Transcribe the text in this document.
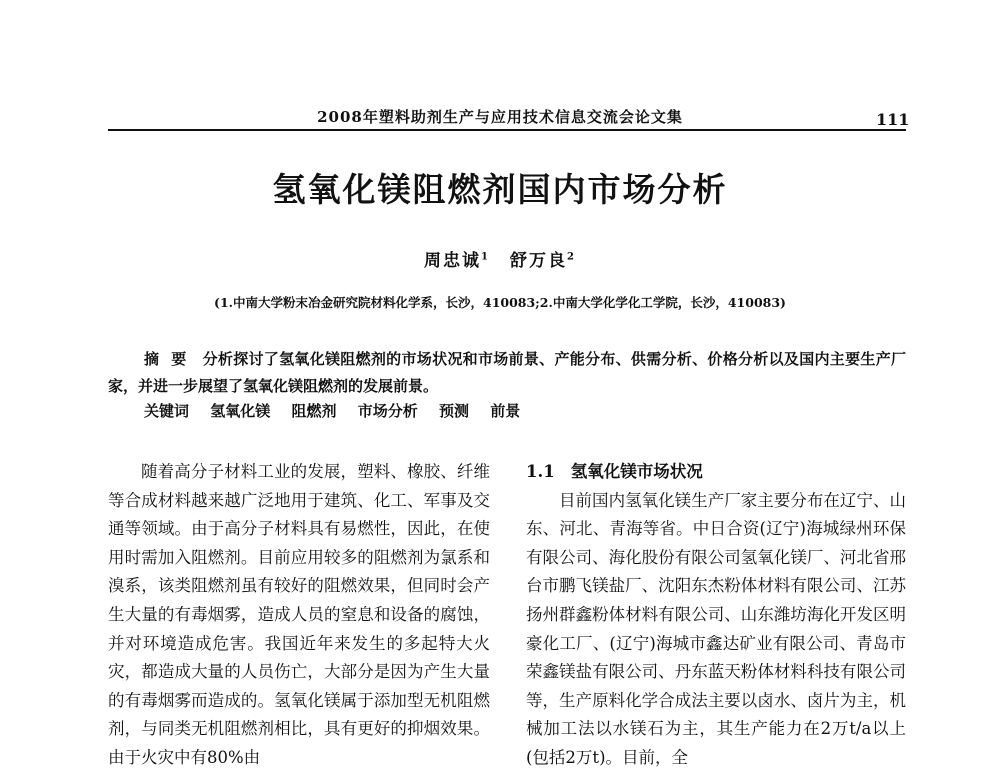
2008年塑料助剂生产与应用技术信息交流会论文集	111
氢氧化镁阻燃剂国内市场分析
周忠诚$^1$ 舒万良$^2$
(1.中南大学粉末冶金研究院材料化学系，长沙，410083;2.中南大学化学化工学院，长沙，410083)
摘要 分析探讨了氢氧化镁阻燃剂的市场状况和市场前景、产能分布、供需分析、价格分析以及国内主要生产厂家，并进一步展望了氢氧化镁阻燃剂的发展前景。
关键词 氢氧化镁 阻燃剂 市场分析 预测 前景

随着高分子材料工业的发展，塑料、橡胶、纤维等合成材料越来越广泛地用于建筑、化工、军事及交通等领域。由于高分子材料具有易燃性，因此，在使用时需加入阻燃剂。目前应用较多的阻燃剂为氯系和溴系，该类阻燃剂虽有较好的阻燃效果，但同时会产生大量的有毒烟雾，造成人员的窒息和设备的腐蚀，并对环境造成危害。我国近年来发生的多起特大火灾，都造成大量的人员伤亡，大部分是因为产生大量的有毒烟雾而造成的。氢氧化镁属于添加型无机阻燃剂，与同类无机阻燃剂相比，具有更好的抑烟效果。由于火灾中有80%由

1.1 氢氧化镁市场状况

目前国内氢氧化镁生产厂家主要分布在辽宁、山东、河北、青海等省。中日合资(辽宁)海城绿州环保有限公司、海化股份有限公司氢氧化镁厂、河北省邢台市鹏飞镁盐厂、沈阳东杰粉体材料有限公司、江苏扬州群鑫粉体材料有限公司、山东潍坊海化开发区明豪化工厂、(辽宁)海城市鑫达矿业有限公司、青岛市荣鑫镁盐有限公司、丹东蓝天粉体材料科技有限公司等，生产原料化学合成法主要以卤水、卤片为主，机械加工法以水镁石为主，其生产能力在2万t/a以上(包括2万t)。目前，全
